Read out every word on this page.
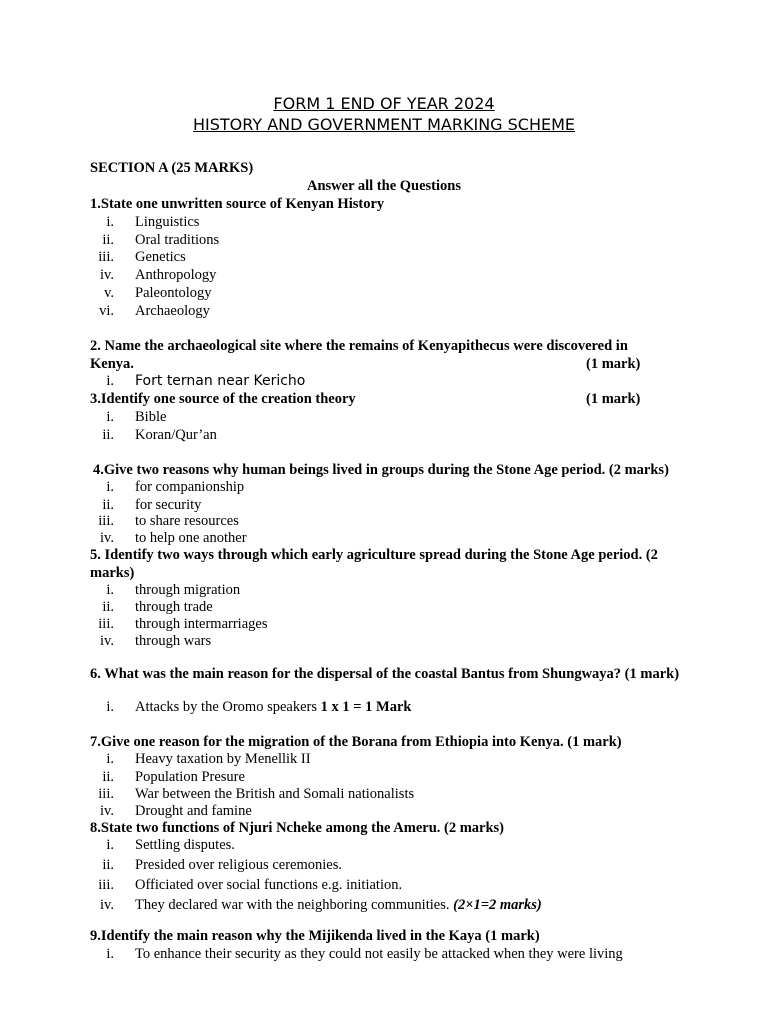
FORM 1 END OF YEAR 2024
HISTORY AND GOVERNMENT MARKING SCHEME
SECTION A (25 MARKS)
Answer all the Questions
1.State one unwritten source of Kenyan History
i. Linguistics
ii. Oral traditions
iii. Genetics
iv. Anthropology
v. Paleontology
vi. Archaeology
2. Name the archaeological site where the remains of Kenyapithecus were discovered in
Kenya.	(1 mark)
i. Fort ternan near Kericho
3.Identify one source of the creation theory	(1 mark)
i. Bible
ii. Koran/Qur’an
4.Give two reasons why human beings lived in groups during the Stone Age period. (2 marks)
i. for companionship
ii. for security
iii. to share resources
iv. to help one another
5. Identify two ways through which early agriculture spread during the Stone Age period. (2
marks)
i. through migration
ii. through trade
iii. through intermarriages
iv. through wars
6. What was the main reason for the dispersal of the coastal Bantus from Shungwaya? (1 mark)
i. Attacks by the Oromo speakers 1 x 1 = 1 Mark
7.Give one reason for the migration of the Borana from Ethiopia into Kenya. (1 mark)
i. Heavy taxation by Menellik II
ii. Population Presure
iii. War between the British and Somali nationalists
iv. Drought and famine
8.State two functions of Njuri Ncheke among the Ameru. (2 marks)
i. Settling disputes.
ii. Presided over religious ceremonies.
iii. Officiated over social functions e.g. initiation.
iv. They declared war with the neighboring communities. (2×1=2 marks)
9.Identify the main reason why the Mijikenda lived in the Kaya (1 mark)
i. To enhance their security as they could not easily be attacked when they were living
